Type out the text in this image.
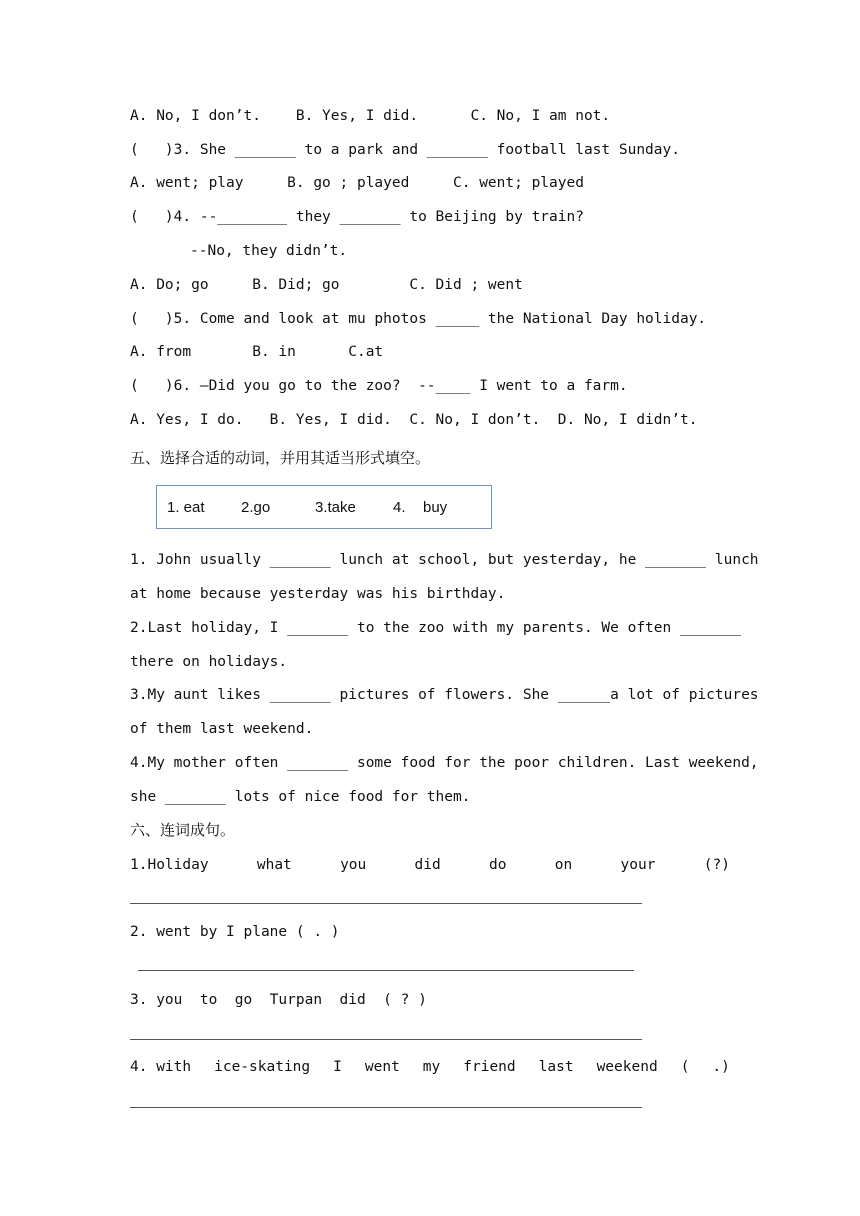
A. No, I don’t.    B. Yes, I did.      C. No, I am not.
(   )3. She _______ to a park and _______ football last Sunday.
A. went; play     B. go ; played     C. went; played
(   )4. --________ they _______ to Beijing by train?
--No, they didn’t.
A. Do; go     B. Did; go        C. Did ; went
(   )5. Come and look at mu photos _____ the National Day holiday.
A. from       B. in      C.at
(   )6. –Did you go to the zoo?  --____ I went to a farm.
A. Yes, I do.   B. Yes, I did.  C. No, I don’t.  D. No, I didn’t.
五、选择合适的动词，并用其适当形式填空。
1. eat 2.go	3.take 4. buy
1. John usually _______ lunch at school, but yesterday, he _______ lunch
at home because yesterday was his birthday.
2.Last holiday, I _______ to the zoo with my parents. We often _______
there on holidays.
3.My aunt likes _______ pictures of flowers. She ______a lot of pictures
of them last weekend.
4.My mother often _______ some food for the poor children. Last weekend,
she _______ lots of nice food for them.
六、连词成句。
1.Holiday	what	you	did	do	on	your	(?)
2. went by I plane ( . )
3. you  to  go  Turpan  did  ( ? )
4. with ice-skating I went my friend last weekend ( .)
